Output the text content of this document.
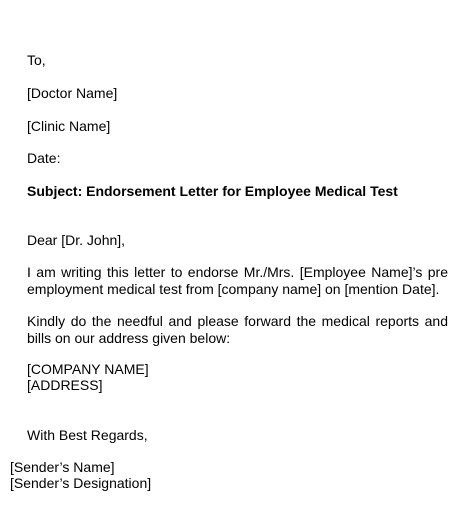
To,
[Doctor Name]
[Clinic Name]
Date:
Subject: Endorsement Letter for Employee Medical Test
Dear [Dr. John],
I am writing this letter to endorse Mr./Mrs. [Employee Name]’s pre
employment medical test from [company name] on [mention Date].
Kindly do the needful and please forward the medical reports and
bills on our address given below:
[COMPANY NAME]
[ADDRESS]
With Best Regards,
[Sender’s Name]
[Sender’s Designation]
